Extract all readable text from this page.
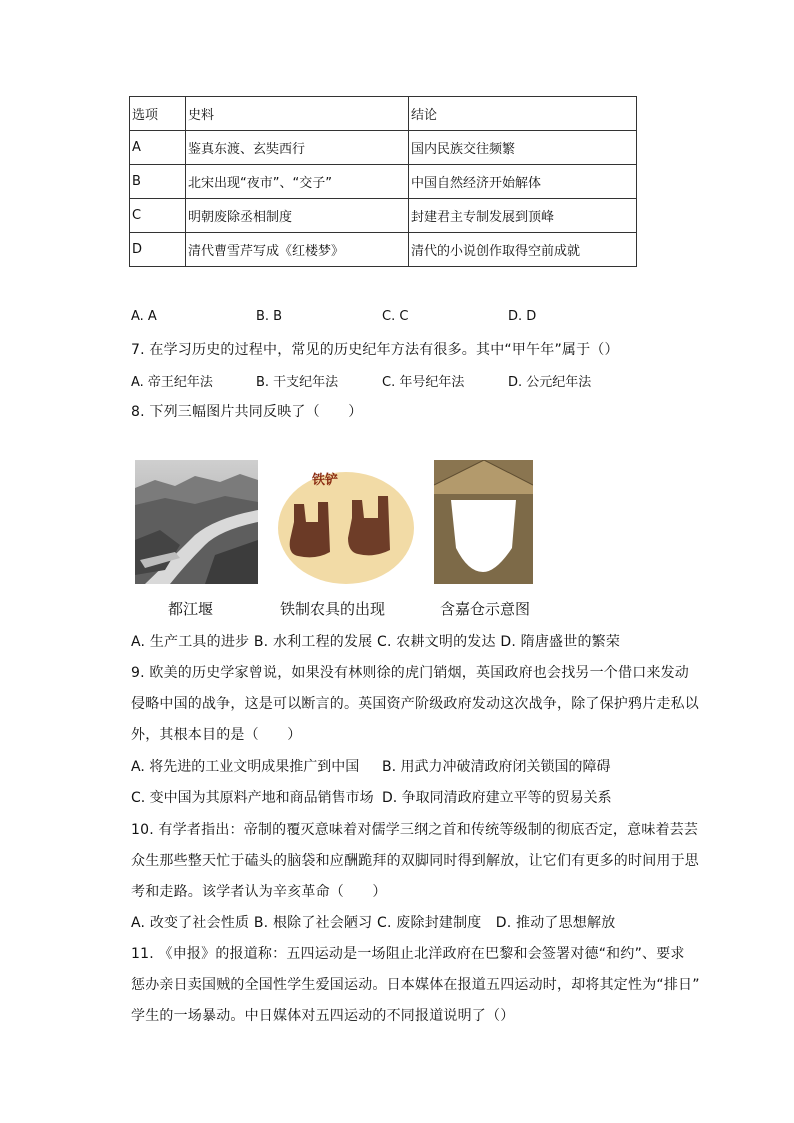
选项	史料	结论
A	鉴真东渡、玄奘西行	国内民族交往频繁
B	北宋出现“夜市”、“交子”	中国自然经济开始解体
C	明朝废除丞相制度	封建君主专制发展到顶峰
D	清代曹雪芹写成《红楼梦》	清代的小说创作取得空前成就
A. A	B. B	C. C	D. D
7. 在学习历史的过程中，常见的历史纪年方法有很多。其中“甲午年”属于（）
A. 帝王纪年法	B. 干支纪年法	C. 年号纪年法	D. 公元纪年法
8. 下列三幅图片共同反映了（　　）
铁铲
都江堰	铁制农具的出现	含嘉仓示意图
A. 生产工具的进步 B. 水利工程的发展 C. 农耕文明的发达 D. 隋唐盛世的繁荣
9. 欧美的历史学家曾说，如果没有林则徐的虎门销烟，英国政府也会找另一个借口来发动
侵略中国的战争，这是可以断言的。英国资产阶级政府发动这次战争，除了保护鸦片走私以
外，其根本目的是（　　）
A. 将先进的工业文明成果推广到中国 B. 用武力冲破清政府闭关锁国的障碍
C. 变中国为其原料产地和商品销售市场 D. 争取同清政府建立平等的贸易关系
10. 有学者指出：帝制的覆灭意味着对儒学三纲之首和传统等级制的彻底否定，意味着芸芸
众生那些整天忙于磕头的脑袋和应酬跪拜的双脚同时得到解放，让它们有更多的时间用于思
考和走路。该学者认为辛亥革命（　　）
A. 改变了社会性质 B. 根除了社会陋习 C. 废除封建制度　D. 推动了思想解放
11. 《申报》的报道称：五四运动是一场阻止北洋政府在巴黎和会签署对德“和约”、要求
惩办亲日卖国贼的全国性学生爱国运动。日本媒体在报道五四运动时，却将其定性为“排日”
学生的一场暴动。中日媒体对五四运动的不同报道说明了（）
